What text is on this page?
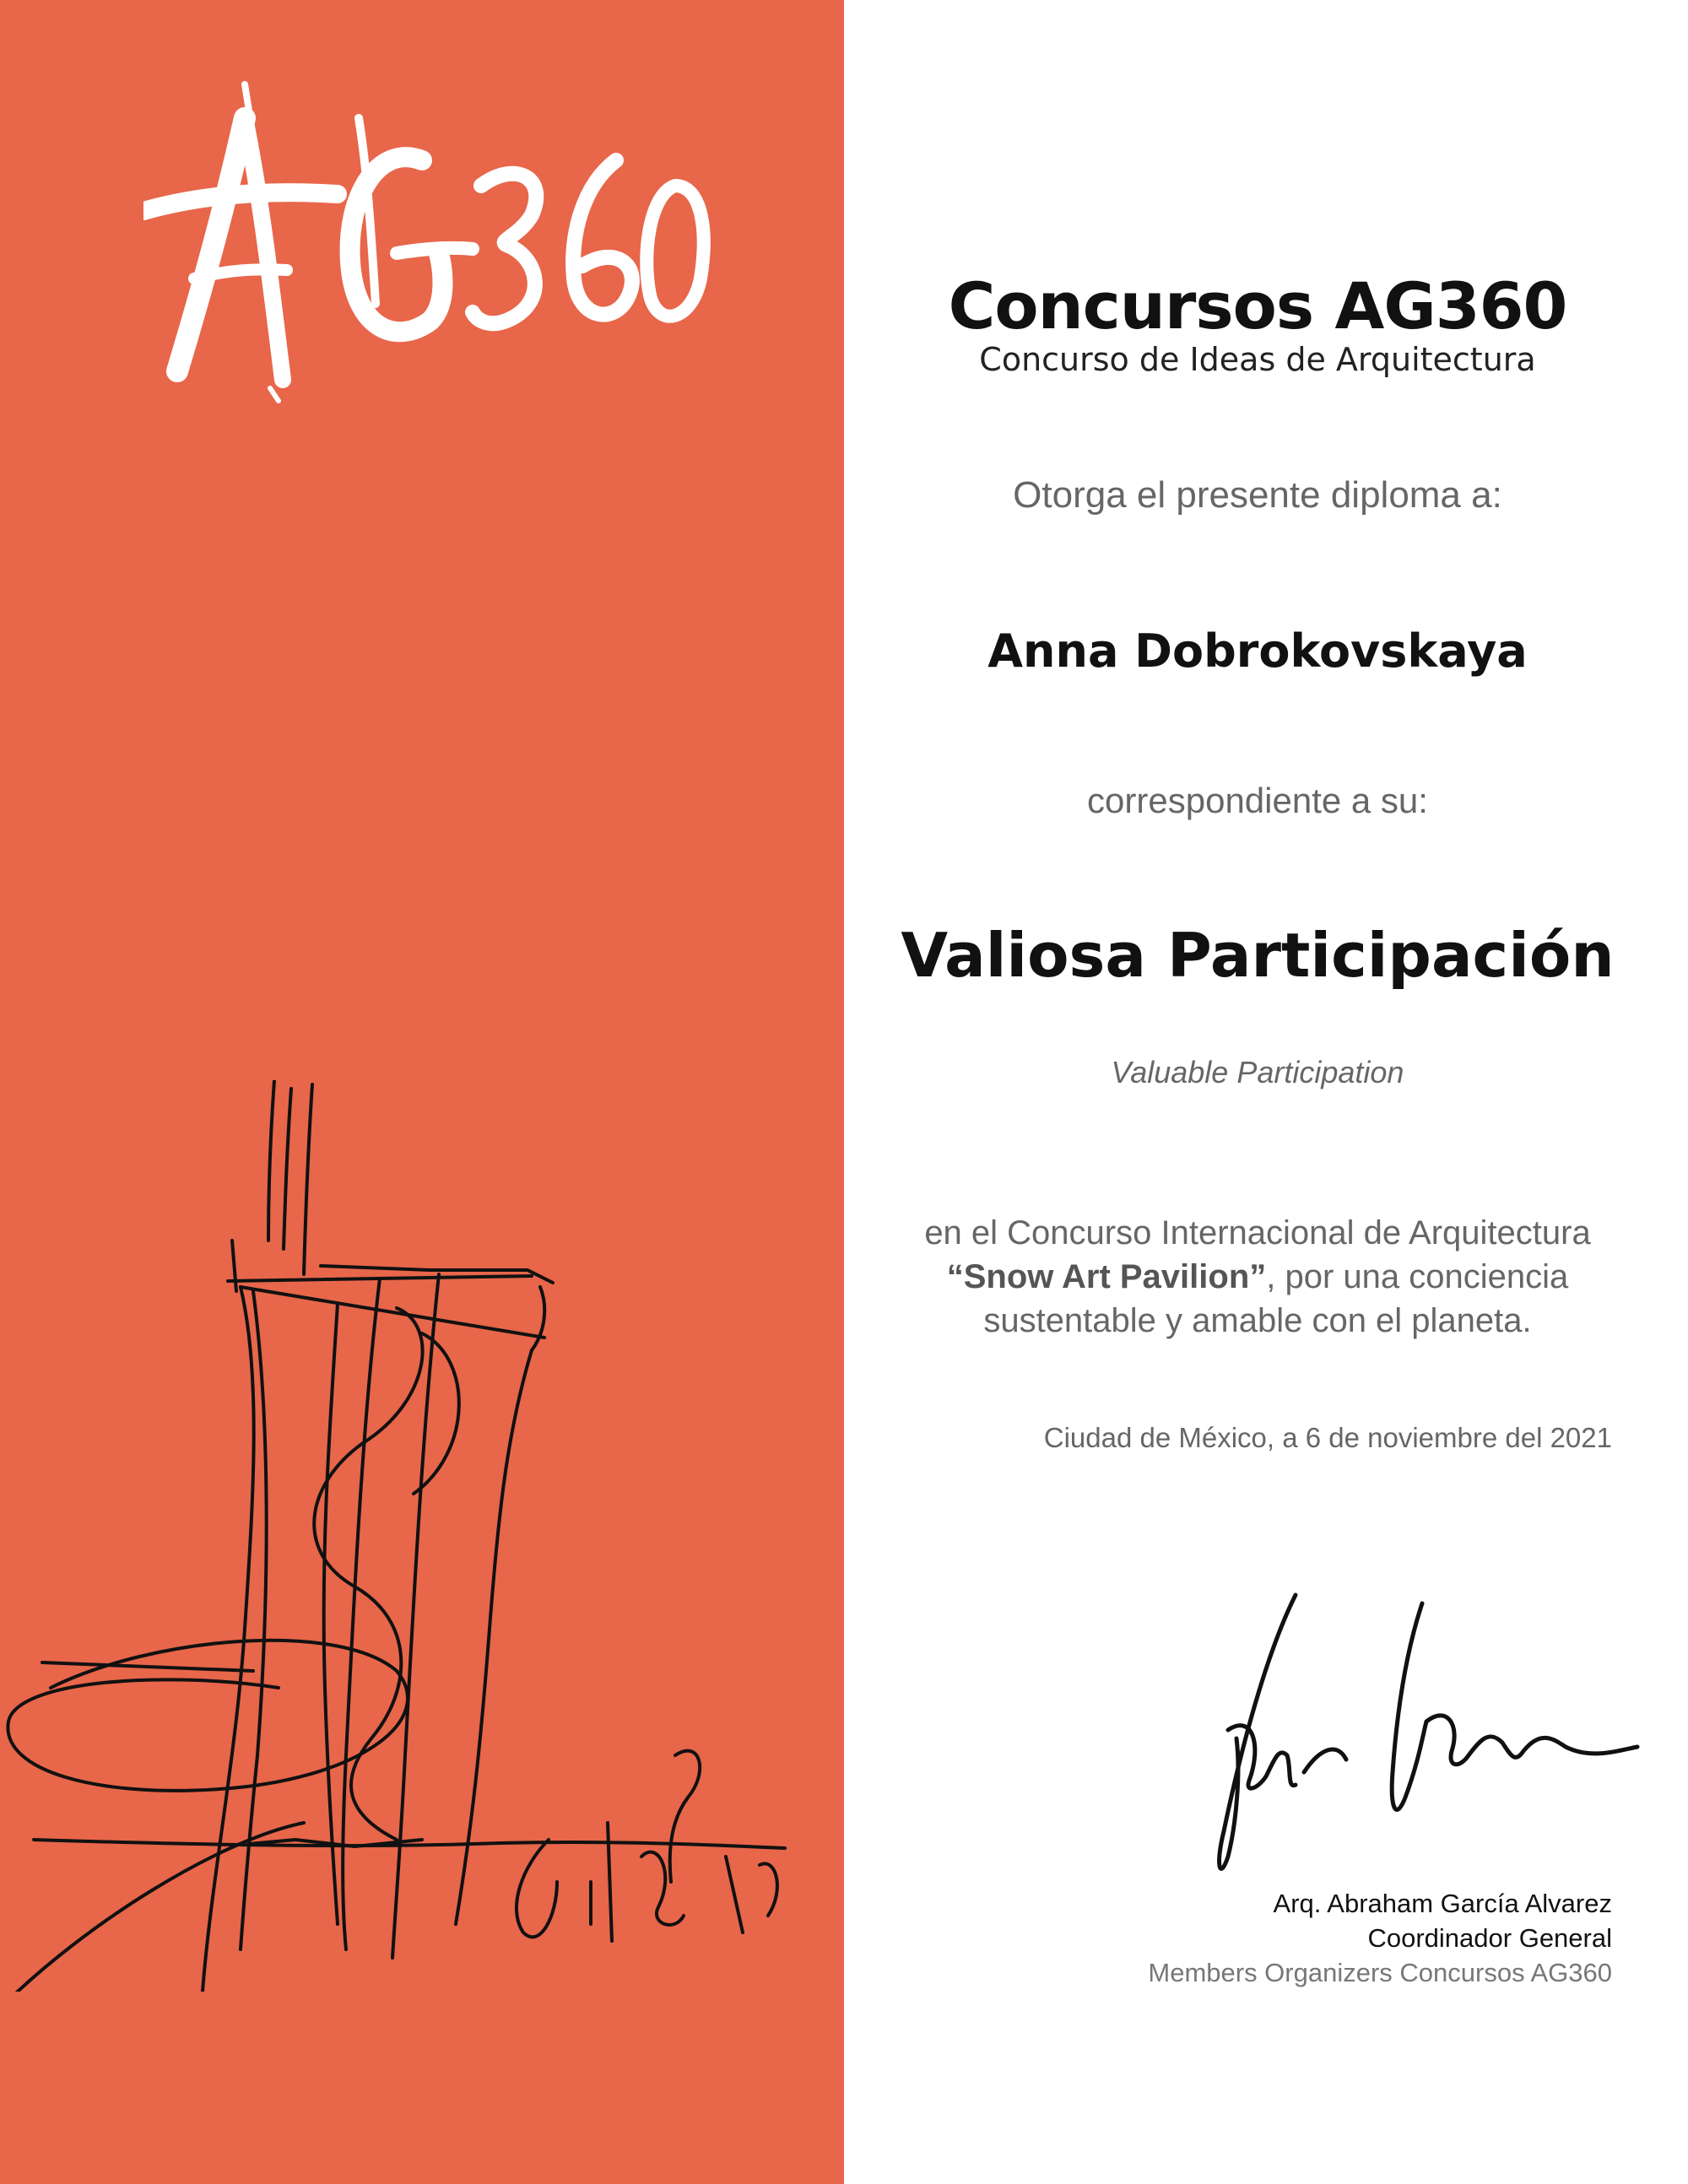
Concursos AG360
Concurso de Ideas de Arquitectura
Otorga el presente diploma a:
Anna Dobrokovskaya
correspondiente a su:
Valiosa Participación
Valuable Participation
en el Concurso Internacional de Arquitectura
“Snow Art Pavilion”, por una conciencia
sustentable y amable con el planeta.
Ciudad de México, a 6 de noviembre del 2021
Arq. Abraham García Alvarez
Coordinador General
Members Organizers Concursos AG360
